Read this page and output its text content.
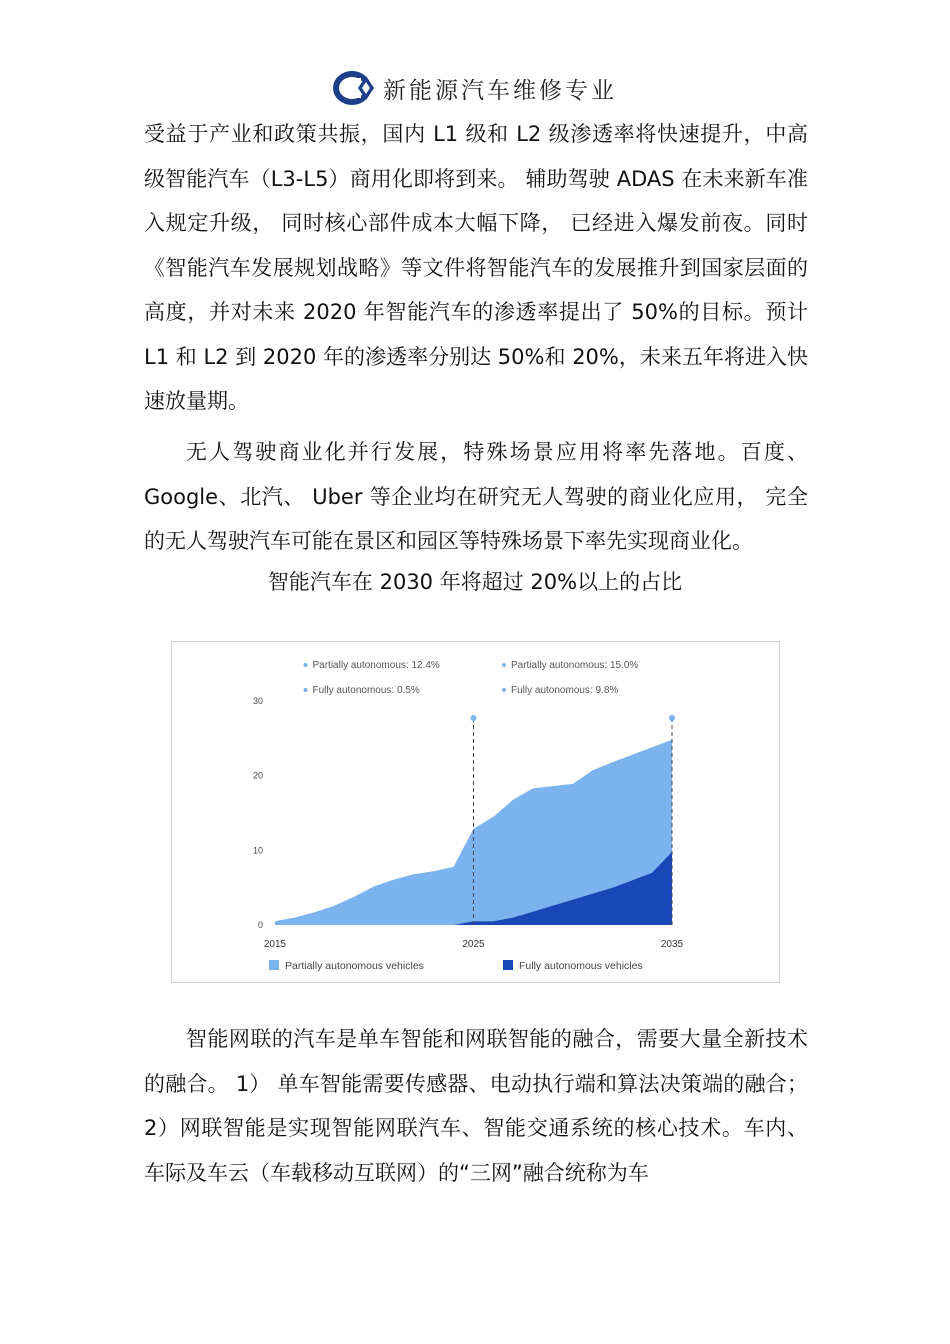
新能源汽车维修专业

受益于产业和政策共振，国内 L1 级和 L2 级渗透率将快速提升，中高级智能汽车（L3-L5）商用化即将到来。 辅助驾驶 ADAS 在未来新车准入规定升级， 同时核心部件成本大幅下降， 已经进入爆发前夜。同时《智能汽车发展规划战略》等文件将智能汽车的发展推升到国家层面的高度，并对未来 2020 年智能汽车的渗透率提出了 50%的目标。预计 L1 和 L2 到 2020 年的渗透率分别达 50%和 20%，未来五年将进入快速放量期。

无人驾驶商业化并行发展，特殊场景应用将率先落地。百度、Google、北汽、 Uber 等企业均在研究无人驾驶的商业化应用， 完全的无人驾驶汽车可能在景区和园区等特殊场景下率先实现商业化。

智能汽车在 2030 年将超过 20%以上的占比
0
10
20
30
2015	2025	2035
Partially autonomous: 12.4%
Fully autonomous: 0.5%
Partially autonomous: 15.0%
Fully autonomous: 9.8%
Partially autonomous vehicles	Fully autonomous vehicles

智能网联的汽车是单车智能和网联智能的融合，需要大量全新技术的融合。 1） 单车智能需要传感器、电动执行端和算法决策端的融合； 2）网联智能是实现智能网联汽车、智能交通系统的核心技术。车内、车际及车云（车载移动互联网）的“三网”融合统称为车
